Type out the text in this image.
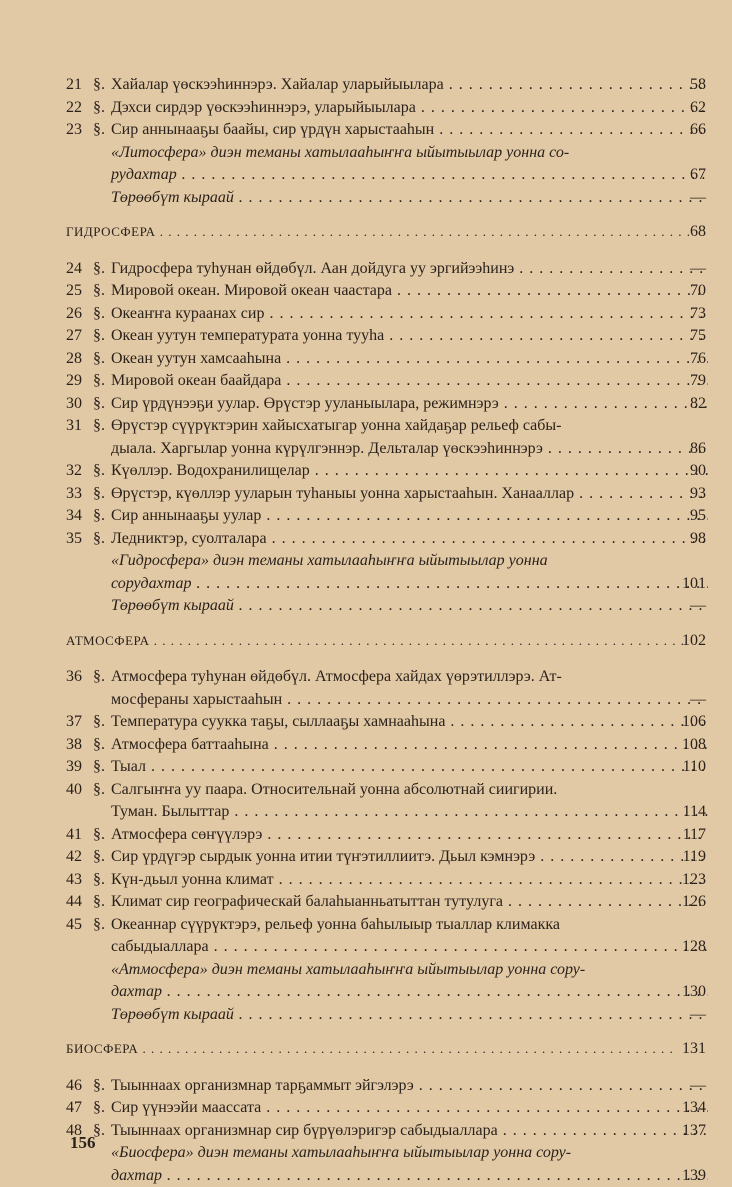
21 §. Хайалар үөскээһиннэрэ. Хайалар уларыйыылара . . .	58
22 §. Дэхси сирдэр үөскээһиннэрэ, уларыйыылара . . .	62
23 §. Сир аннынааҕы баайы, сир үрдүн харыстааһын . . .	66
«Литосфера» диэн теманы хатылааһыҥҥа ыйытыылар уонна со-
рудахтар . . .	67
Төрөөбүт кыраай . . .	—
ГИДРОСФЕРА . . .	68
24 §. Гидросфера туһунан өйдөбүл. Аан дойдуга уу эргийээһинэ . . .	—
25 §. Мировой океан. Мировой океан чаастара . . .	70
26 §. Океаҥҥа кураанах сир . . .	73
27 §. Океан уутун температурата уонна тууһа . . .	75
28 §. Океан уутун хамсааһына . . .	76
29 §. Мировой океан баайдара . . .	79
30 §. Сир үрдүнээҕи уулар. Өрүстэр ууланыылара, режимнэрэ . . .	82
31 §. Өрүстэр сүүрүктэрин хайысхатыгар уонна хайдаҕар рельеф сабы-
дыала. Харгылар уонна күрүлгэннэр. Дельталар үөскээһиннэрэ . . .	86
32 §. Күөллэр. Водохранилищелар . . .	90
33 §. Өрүстэр, күөллэр ууларын туһаныы уонна харыстааһын. Ханааллар . . .	93
34 §. Сир аннынааҕы уулар . . .	95
35 §. Ледниктэр, суолталара . . .	98
«Гидросфера» диэн теманы хатылааһыҥҥа ыйытыылар уонна
сорудахтар . . .	101
Төрөөбүт кыраай . . .	—
АТМОСФЕРА . . .	102
36 §. Атмосфера туһунан өйдөбүл. Атмосфера хайдах үөрэтиллэрэ. Ат-
мосфераны харыстааһын . . .	—
37 §. Температура суукка таҕы, сыллааҕы хамнааһына . . .	106
38 §. Атмосфера баттааһына . . .	108
39 §. Тыал . . .	110
40 §. Салгыҥҥа уу паара. Относительнай уонна абсолютнай сиигирии.
Туман. Былыттар . . .	114
41 §. Атмосфера сөҥүүлэрэ . . .	117
42 §. Сир үрдүгэр сырдык уонна итии түҥэтиллиитэ. Дьыл кэмнэрэ . . .	119
43 §. Күн-дьыл уонна климат . . .	123
44 §. Климат сир географическай балаһыанньатыттан тутулуга . . .	126
45 §. Океаннар сүүрүктэрэ, рельеф уонна баһылыыр тыаллар климакка
сабыдыаллара . . .	128
«Атмосфера» диэн теманы хатылааһыҥҥа ыйытыылар уонна сору-
дахтар . . .	130
Төрөөбүт кыраай . . .	—
БИОСФЕРА . . .	131
46 §. Тыыннаах организмнар тарҕаммыт эйгэлэрэ . . .	—
47 §. Сир үүнээйи маассата . . .	134
48 §. Тыыннаах организмнар сир бүрүөлэригэр сабыдыаллара . . .	137
«Биосфера» диэн теманы хатылааһыҥҥа ыйытыылар уонна сору-
дахтар . . .	139
156
